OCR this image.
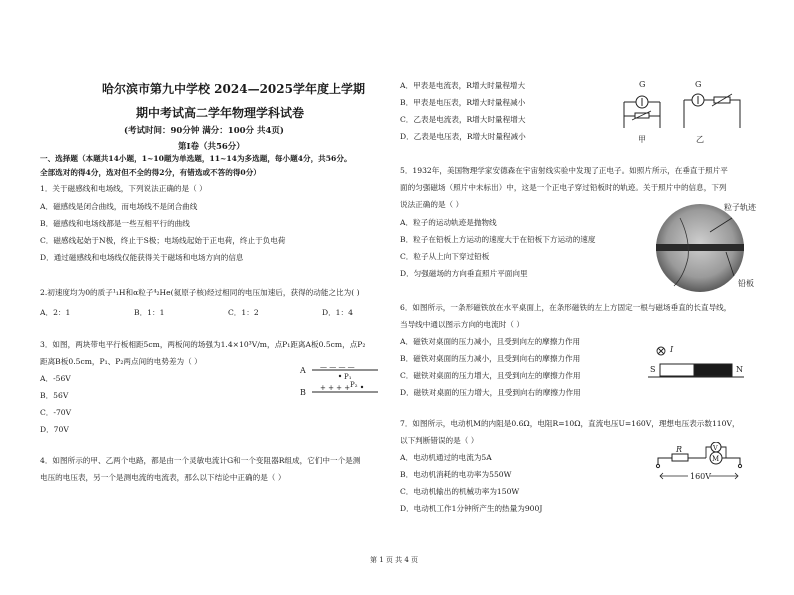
哈尔滨市第九中学校 2024—2025学年度上学期
期中考试高二学年物理学科试卷
(考试时间：90分钟 满分：100分 共4页)
第Ⅰ卷（共56分）
一、选择题（本题共14小题，1~10题为单选题，11~14为多选题，每小题4分，共56分。
全部选对的得4分，选对但不全的得2分，有错选或不答的得0分）
1．关于磁感线和电场线，下列说法正确的是（ ）
A．磁感线是闭合曲线，而电场线不是闭合曲线
B．磁感线和电场线都是一些互相平行的曲线
C．磁感线起始于N极，终止于S极；电场线起始于正电荷，终止于负电荷
D．通过磁感线和电场线仅能获得关于磁场和电场方向的信息
2.初速度均为0的质子¹₁H和α粒子⁴₂He(氦原子核)经过相同的电压加速后，获得的动能之比为( )
A．2：1	B．1：1	C．1：2	D．1：4
3．如图，两块带电平行板相距5cm，两板间的场强为1.4×10³V/m，点P₁距离A板0.5cm，点P₂
距离B板0.5cm，P₁、P₂两点间的电势差为（ ）
A．-56V
B．56V
C．-70V
D．70V
A
B
— — — —
+ + + +
P₁
P₂
4．如图所示的甲、乙两个电路，都是由一个灵敏电流计G和一个变阻器R组成，它们中一个是测
电压的电压表，另一个是测电流的电流表，那么以下结论中正确的是（ ）
A．甲表是电流表，R增大时量程增大
B．甲表是电压表，R增大时量程减小
C．乙表是电流表，R增大时量程增大
D．乙表是电压表，R增大时量程减小
G
甲
G
乙
5．1932年，美国物理学家安德森在宇宙射线实验中发现了正电子。如照片所示，在垂直于照片平
面的匀强磁场（照片中未标出）中，这是一个正电子穿过铅板时的轨迹。关于照片中的信息，下列
说法正确的是（ ）
A．粒子的运动轨迹是抛物线
B．粒子在铅板上方运动的速度大于在铅板下方运动的速度
C．粒子从上向下穿过铅板
D．匀强磁场的方向垂直照片平面向里
粒子轨迹
铅板
6．如图所示，一条形磁铁放在水平桌面上，在条形磁铁的左上方固定一根与磁场垂直的长直导线，
当导线中通以图示方向的电流时（ ）
A．磁铁对桌面的压力减小，且受到向左的摩擦力作用
B．磁铁对桌面的压力减小，且受到向右的摩擦力作用
C．磁铁对桌面的压力增大，且受到向左的摩擦力作用
D．磁铁对桌面的压力增大，且受到向右的摩擦力作用
I
S	N
7．如图所示，电动机M的内阻是0.6Ω，电阻R=10Ω，直流电压U=160V，理想电压表示数110V，
以下判断错误的是（ ）
A．电动机通过的电流为5A
B．电动机消耗的电功率为550W
C．电动机输出的机械功率为150W
D．电动机工作1分钟所产生的热量为900J
R
M
V
160V
第 1 页 共 4 页
